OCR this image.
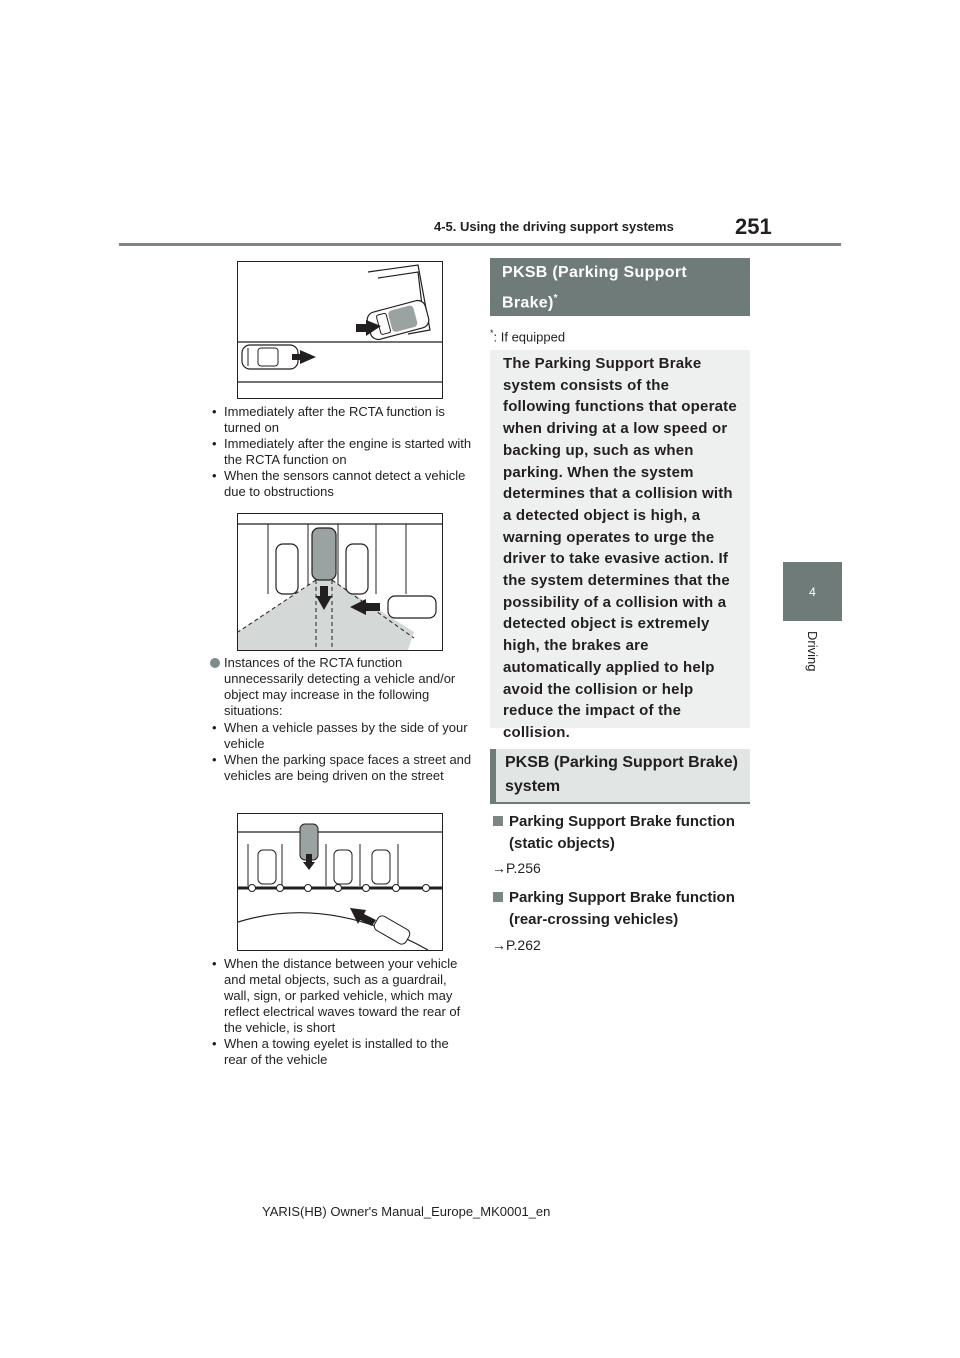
4-5. Using the driving support systems	251
4
Driving
• Immediately after the RCTA function is turned on
• Immediately after the engine is started with the RCTA function on
• When the sensors cannot detect a vehicle due to obstructions
Instances of the RCTA function unnecessarily detecting a vehicle and/or object may increase in the following situations:
• When a vehicle passes by the side of your vehicle
• When the parking space faces a street and vehicles are being driven on the street
• When the distance between your vehicle and metal objects, such as a guardrail, wall, sign, or parked vehicle, which may reflect electrical waves toward the rear of the vehicle, is short
• When a towing eyelet is installed to the rear of the vehicle
PKSB (Parking Support
Brake)*
*: If equipped
The Parking Support Brake system consists of the following functions that operate when driving at a low speed or backing up, such as when parking. When the system determines that a collision with a detected object is high, a warning operates to urge the driver to take evasive action. If the system determines that the possibility of a collision with a detected object is extremely high, the brakes are automatically applied to help avoid the collision or help reduce the impact of the collision.
PKSB (Parking Support Brake) system
Parking Support Brake function (static objects)
→P.256
Parking Support Brake function (rear-crossing vehicles)
→P.262
YARIS(HB) Owner's Manual_Europe_MK0001_en
